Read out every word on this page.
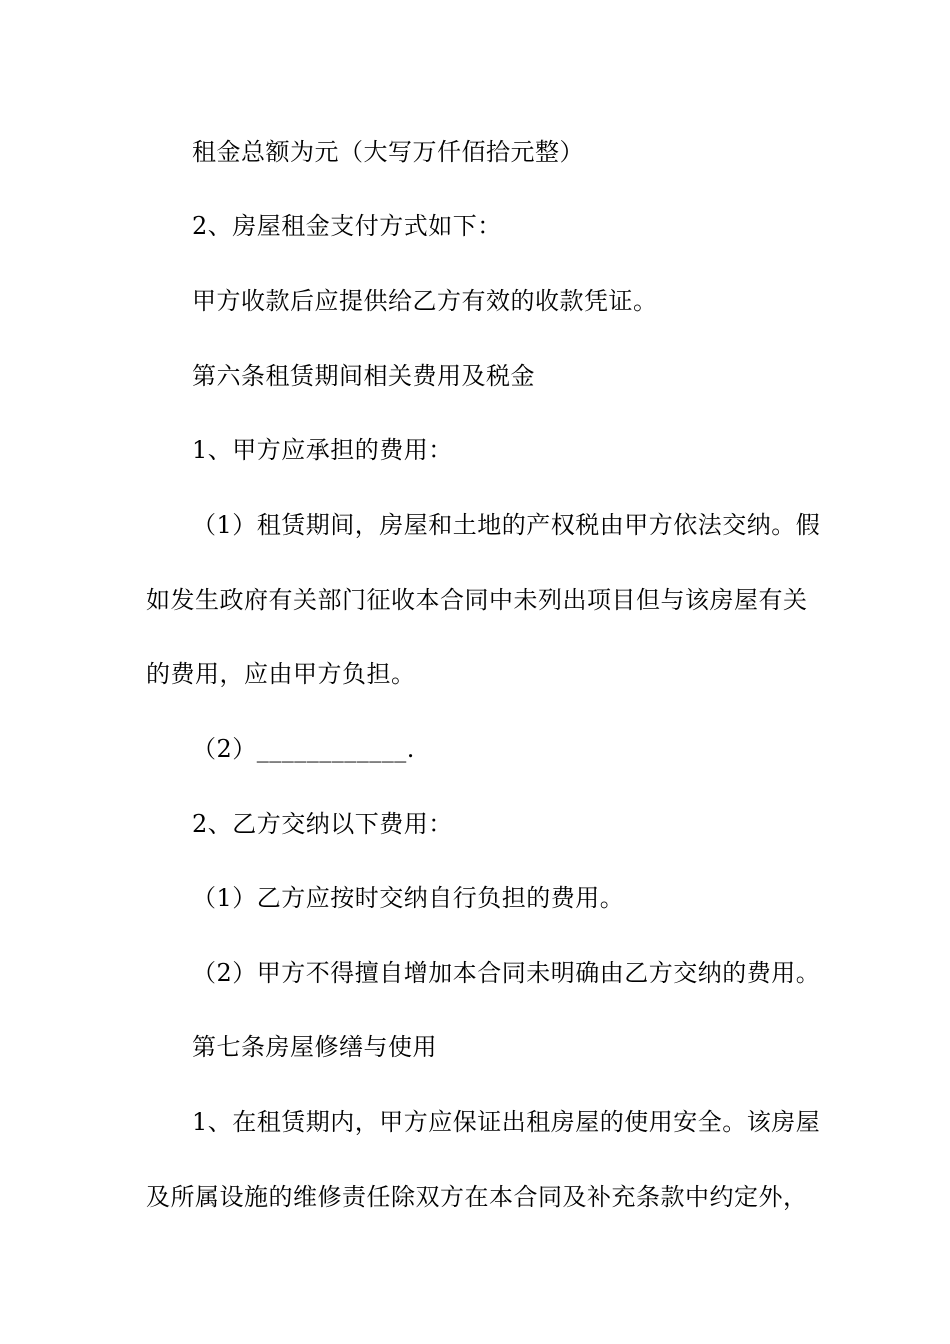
租金总额为元（大写万仟佰拾元整）
2、房屋租金支付方式如下：
甲方收款后应提供给乙方有效的收款凭证。
第六条租赁期间相关费用及税金
1、甲方应承担的费用：
（1）租赁期间，房屋和土地的产权税由甲方依法交纳。假
如发生政府有关部门征收本合同中未列出项目但与该房屋有关
的费用，应由甲方负担。
（2）____________.
2、乙方交纳以下费用：
（1）乙方应按时交纳自行负担的费用。
（2）甲方不得擅自增加本合同未明确由乙方交纳的费用。
第七条房屋修缮与使用
1、在租赁期内，甲方应保证出租房屋的使用安全。该房屋
及所属设施的维修责任除双方在本合同及补充条款中约定外，
